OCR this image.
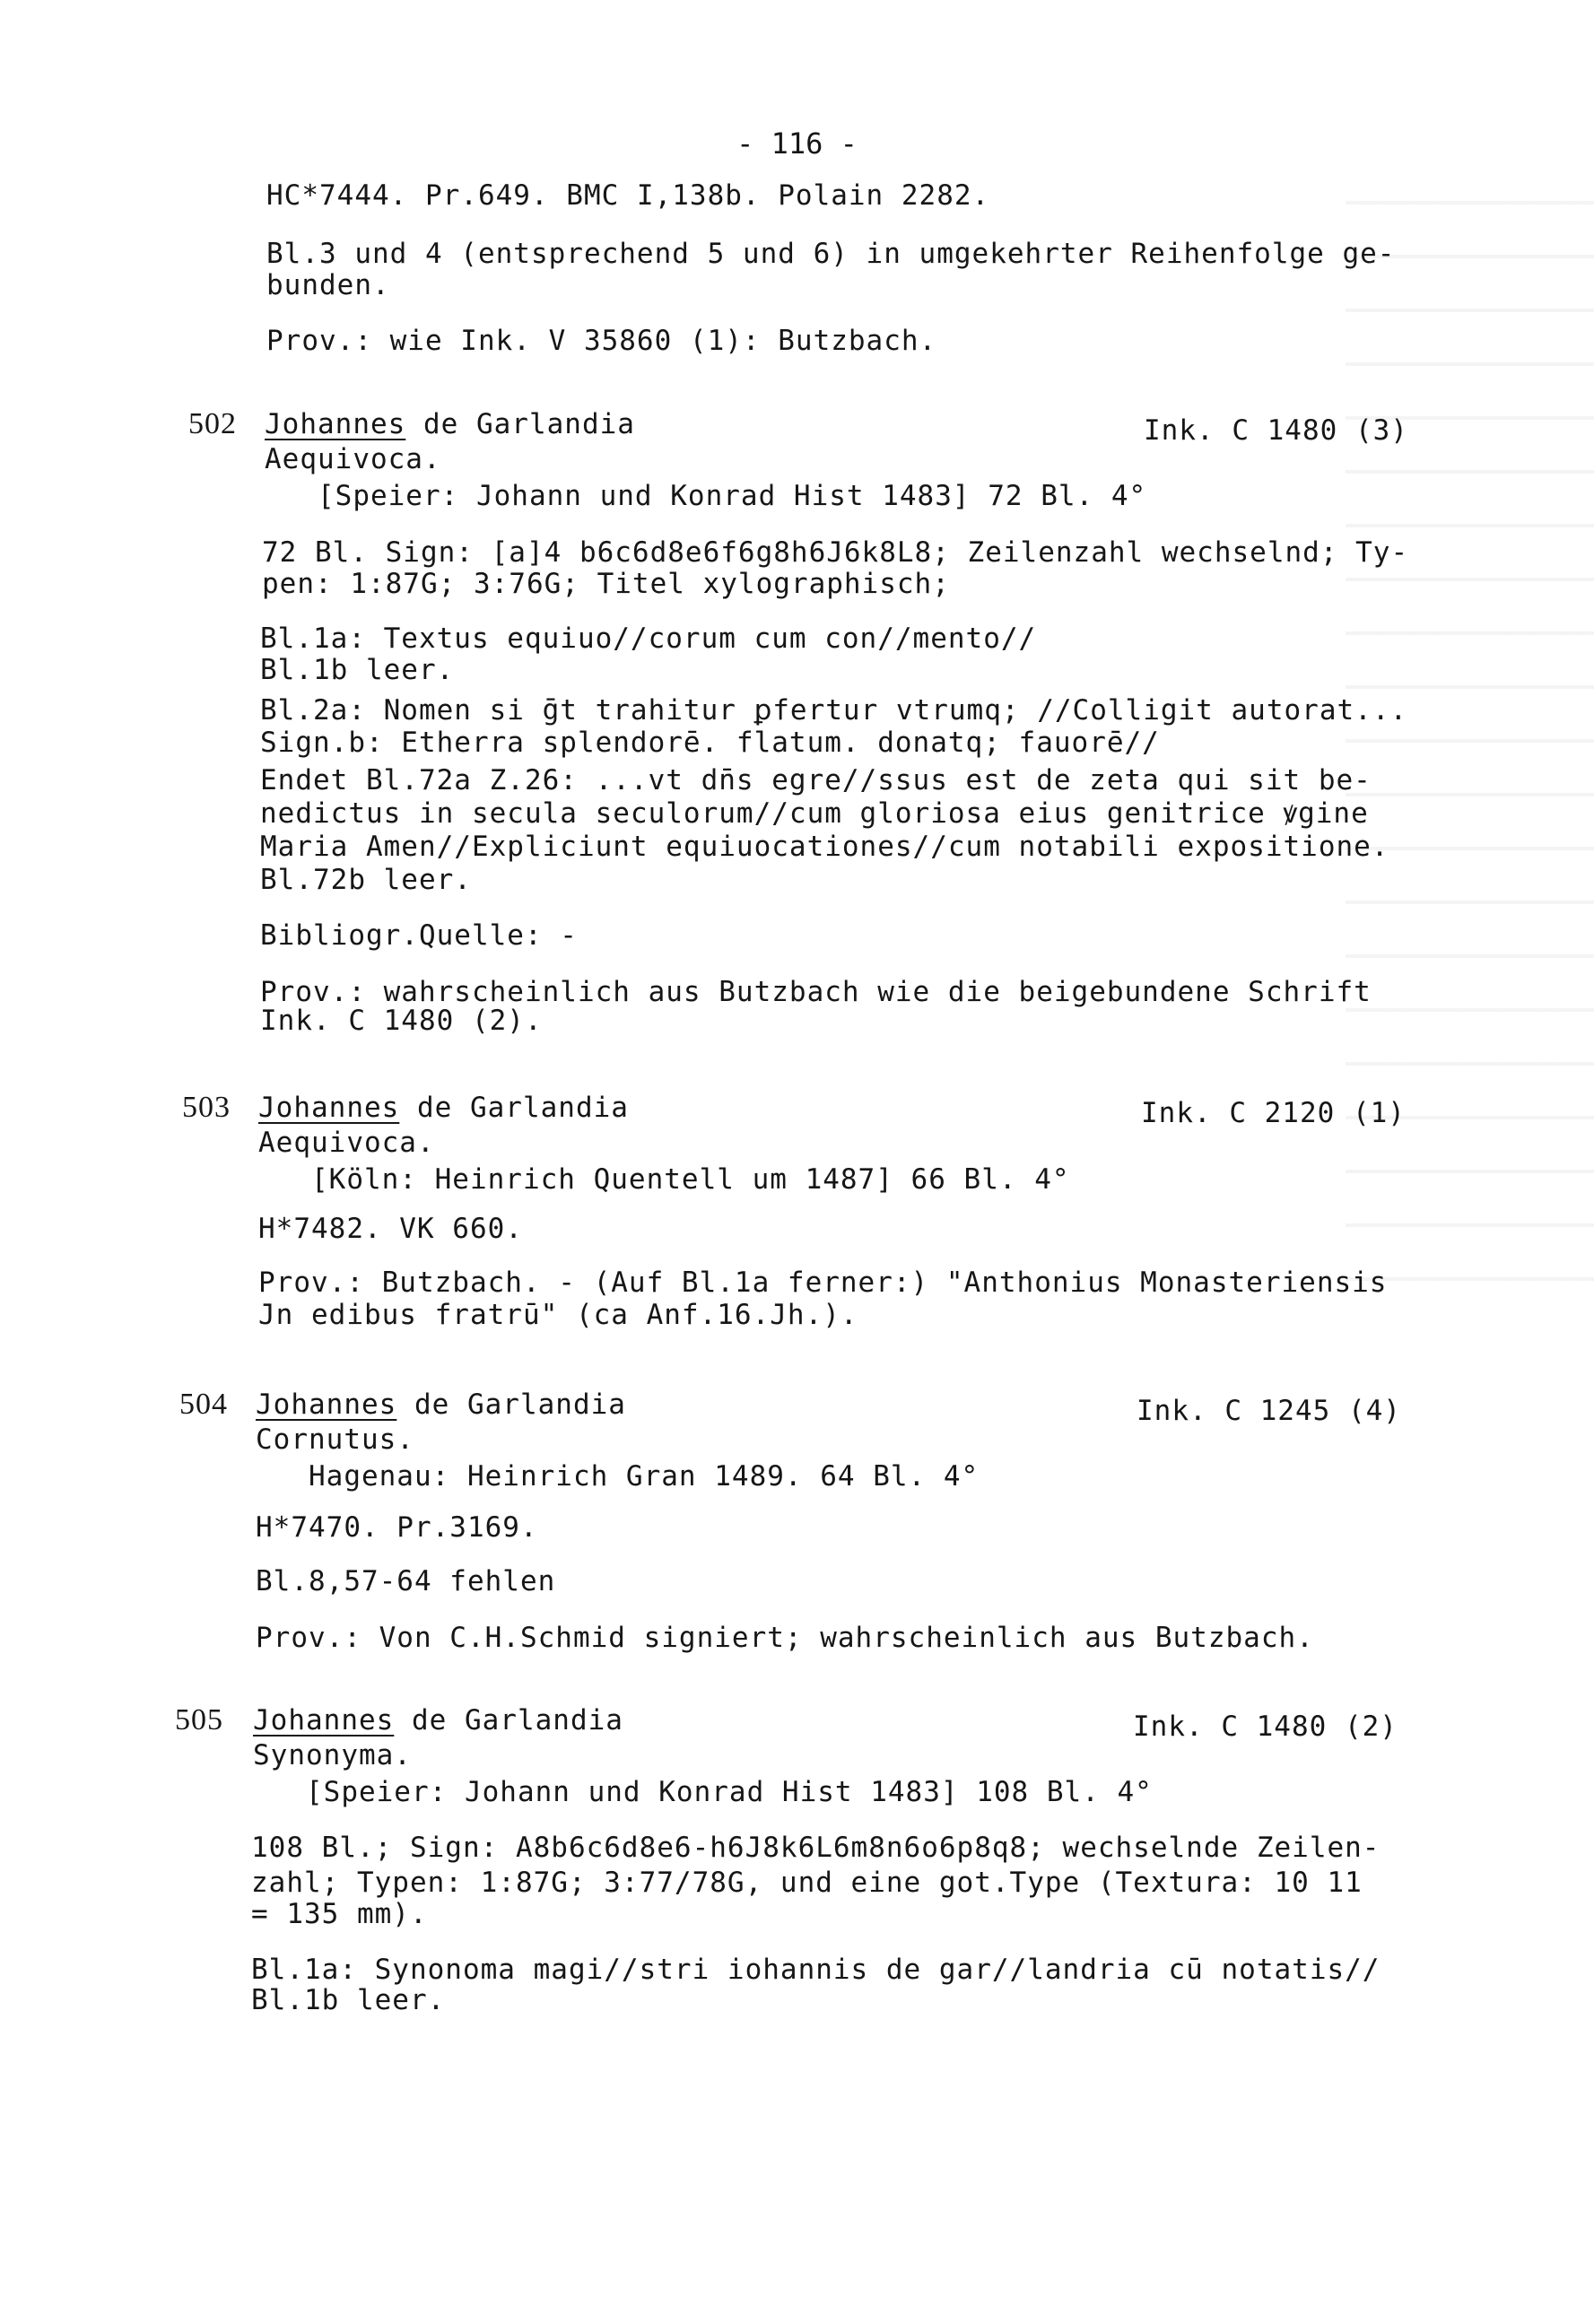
- 116 -
HC*7444. Pr.649. BMC I,138b. Polain 2282.
Bl.3 und 4 (entsprechend 5 und 6) in umgekehrter Reihenfolge ge-
bunden.
Prov.: wie Ink. V 35860 (1): Butzbach.
502 Johannes de Garlandia	Ink. C 1480 (3)
Aequivoca.
[Speier: Johann und Konrad Hist 1483] 72 Bl. 4°
72 Bl. Sign: [a]4 b6c6d8e6f6g8h6J6k8L8; Zeilenzahl wechselnd; Ty-
pen: 1:87G; 3:76G; Titel xylographisch;
Bl.1a: Textus equiuo//corum cum con//mento//
Bl.1b leer.
Bl.2a: Nomen si ḡt trahitur ꝑfertur vtrumq; //Colligit autorat...
Sign.b: Etherra splendorē. flatum. donatq; fauorē//
Endet Bl.72a Z.26: ...vt dn̄s egre//ssus est de zeta qui sit be-
nedictus in secula seculorum//cum gloriosa eius genitrice ꝟgine
Maria Amen//Expliciunt equiuocationes//cum notabili expositione.
Bl.72b leer.
Bibliogr.Quelle: -
Prov.: wahrscheinlich aus Butzbach wie die beigebundene Schrift
Ink. C 1480 (2).
503 Johannes de Garlandia	Ink. C 2120 (1)
Aequivoca.
[Köln: Heinrich Quentell um 1487] 66 Bl. 4°
H*7482. VK 660.
Prov.: Butzbach. - (Auf Bl.1a ferner:) "Anthonius Monasteriensis
Jn edibus fratrū" (ca Anf.16.Jh.).
504 Johannes de Garlandia	Ink. C 1245 (4)
Cornutus.
Hagenau: Heinrich Gran 1489. 64 Bl. 4°
H*7470. Pr.3169.
Bl.8,57-64 fehlen
Prov.: Von C.H.Schmid signiert; wahrscheinlich aus Butzbach.
505 Johannes de Garlandia	Ink. C 1480 (2)
Synonyma.
[Speier: Johann und Konrad Hist 1483] 108 Bl. 4°
108 Bl.; Sign: A8b6c6d8e6-h6J8k6L6m8n6o6p8q8; wechselnde Zeilen-
zahl; Typen: 1:87G; 3:77/78G, und eine got.Type (Textura: 10 11
= 135 mm).
Bl.1a: Synonoma magi//stri iohannis de gar//landria cū notatis//
Bl.1b leer.
